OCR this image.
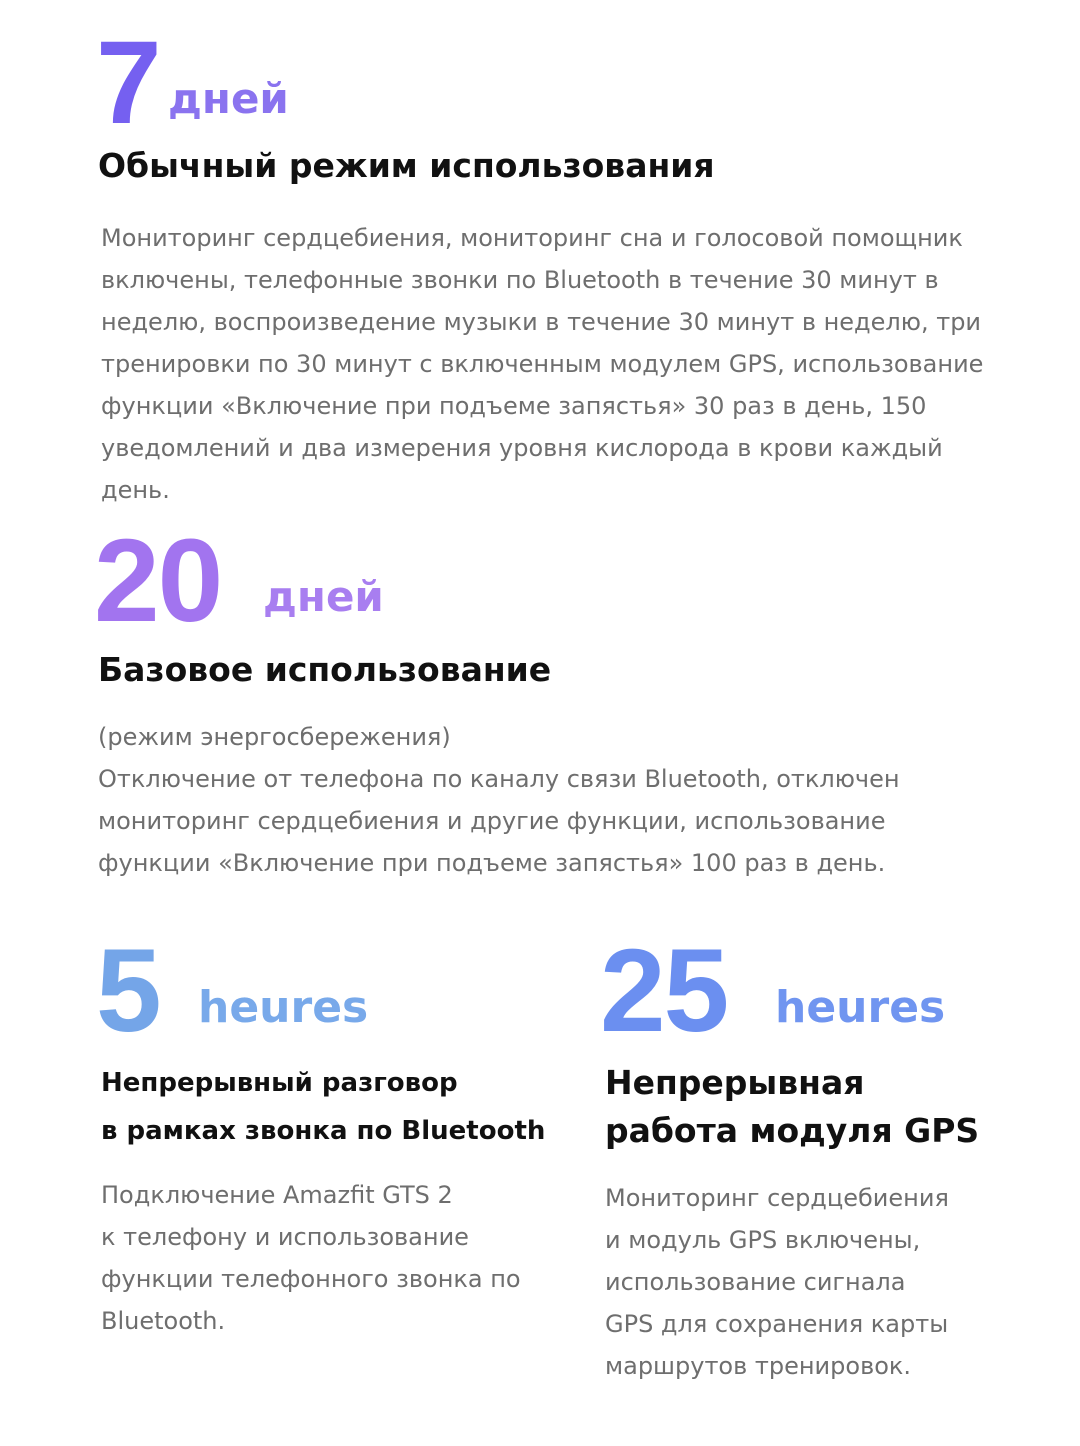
7 дней
Обычный режим использования
Мониторинг сердцебиения, мониторинг сна и голосовой помощник
включены, телефонные звонки по Bluetooth в течение 30 минут в
неделю, воспроизведение музыки в течение 30 минут в неделю, три
тренировки по 30 минут с включенным модулем GPS, использование
функции «Включение при подъеме запястья» 30 раз в день, 150
уведомлений и два измерения уровня кислорода в крови каждый
день.
20 дней
Базовое использование
(режим энергосбережения)
Отключение от телефона по каналу связи Bluetooth, отключен
мониторинг сердцебиения и другие функции, использование
функции «Включение при подъеме запястья» 100 раз в день.
5 heures
Непрерывный разговор
в рамках звонка по Bluetooth
Подключение Amazfit GTS 2
к телефону и использование
функции телефонного звонка по
Bluetooth.
25 heures
Непрерывная
работа модуля GPS
Мониторинг сердцебиения
и модуль GPS включены,
использование сигнала
GPS для сохранения карты
маршрутов тренировок.
